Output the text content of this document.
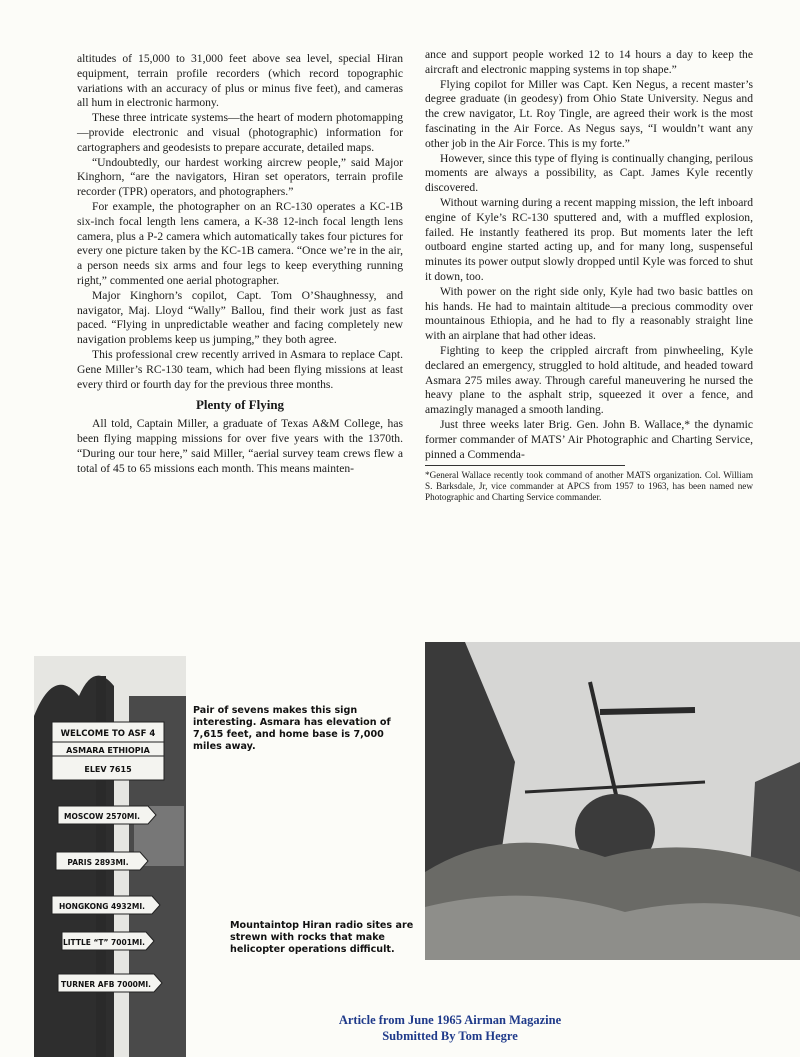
altitudes of 15,000 to 31,000 feet above sea level, special Hiran equipment, terrain profile recorders (which record topographic variations with an accuracy of plus or minus five feet), and cameras all hum in electronic harmony.

These three intricate systems—the heart of modern photomapping—provide electronic and visual (photographic) information for cartographers and geodesists to prepare accurate, detailed maps.

“Undoubtedly, our hardest working aircrew people,” said Major Kinghorn, “are the navigators, Hiran set operators, terrain profile recorder (TPR) operators, and photographers.”

For example, the photographer on an RC-130 operates a KC-1B six-inch focal length lens camera, a K-38 12-inch focal length lens camera, plus a P-2 camera which automatically takes four pictures for every one picture taken by the KC-1B camera. “Once we’re in the air, a person needs six arms and four legs to keep everything running right,” commented one aerial photographer.

Major Kinghorn’s copilot, Capt. Tom O’Shaughnessy, and navigator, Maj. Lloyd “Wally” Ballou, find their work just as fast paced. “Flying in unpredictable weather and facing completely new navigation problems keep us jumping,” they both agree.

This professional crew recently arrived in Asmara to replace Capt. Gene Miller’s RC-130 team, which had been flying missions at least every third or fourth day for the previous three months.

Plenty of Flying

All told, Captain Miller, a graduate of Texas A&M College, has been flying mapping missions for over five years with the 1370th. “During our tour here,” said Miller, “aerial survey team crews flew a total of 45 to 65 missions each month. This means mainten-

ance and support people worked 12 to 14 hours a day to keep the aircraft and electronic mapping systems in top shape.”

Flying copilot for Miller was Capt. Ken Negus, a recent master’s degree graduate (in geodesy) from Ohio State University. Negus and the crew navigator, Lt. Roy Tingle, are agreed their work is the most fascinating in the Air Force. As Negus says, “I wouldn’t want any other job in the Air Force. This is my forte.”

However, since this type of flying is continually changing, perilous moments are always a possibility, as Capt. James Kyle recently discovered.

Without warning during a recent mapping mission, the left inboard engine of Kyle’s RC-130 sputtered and, with a muffled explosion, failed. He instantly feathered its prop. But moments later the left outboard engine started acting up, and for many long, suspenseful minutes its power output slowly dropped until Kyle was forced to shut it down, too.

With power on the right side only, Kyle had two basic battles on his hands. He had to maintain altitude—a precious commodity over mountainous Ethiopia, and he had to fly a reasonably straight line with an airplane that had other ideas.

Fighting to keep the crippled aircraft from pinwheeling, Kyle declared an emergency, struggled to hold altitude, and headed toward Asmara 275 miles away. Through careful maneuvering he nursed the heavy plane to the asphalt strip, squeezed it over a fence, and amazingly managed a smooth landing.

Just three weeks later Brig. Gen. John B. Wallace,* the dynamic former commander of MATS’ Air Photographic and Charting Service, pinned a Commenda-

*General Wallace recently took command of another MATS organization. Col. William S. Barksdale, Jr, vice commander at APCS from 1957 to 1963, has been named new Photographic and Charting Service commander.

WELCOME TO ASF 4
ASMARA ETHIOPIA
ELEV 7615
MOSCOW 2570MI.
PARIS 2893MI.
HONGKONG 4932MI.
LITTLE “T” 7001MI.
TURNER AFB 7000MI.
Pair of sevens makes this sign interesting. Asmara has elevation of 7,615 feet, and home base is 7,000 miles away.
Mountaintop Hiran radio sites are strewn with rocks that make helicopter operations difficult.
Article from June 1965 Airman Magazine
Submitted By Tom Hegre
